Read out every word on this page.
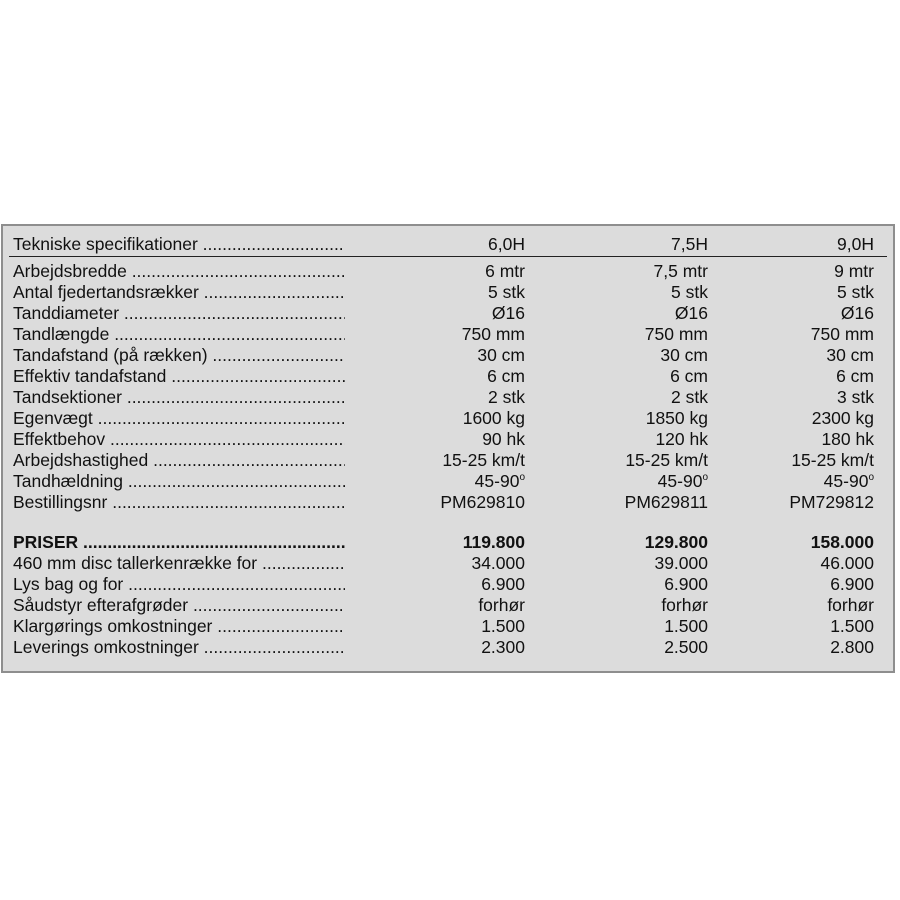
Tekniske specifikationer .....	6,0H	7,5H	9,0H
Arbejdsbredde .....	6 mtr	7,5 mtr	9 mtr
Antal fjedertandsrækker .....	5 stk	5 stk	5 stk
Tanddiameter .....	Ø16	Ø16	Ø16
Tandlængde .....	750 mm	750 mm	750 mm
Tandafstand (på rækken) .....	30 cm	30 cm	30 cm
Effektiv tandafstand .....	6 cm	6 cm	6 cm
Tandsektioner .....	2 stk	2 stk	3 stk
Egenvægt .....	1600 kg	1850 kg	2300 kg
Effektbehov .....	90 hk	120 hk	180 hk
Arbejdshastighed .....	15-25 km/t	15-25 km/t	15-25 km/t
Tandhældning .....	45-90$^o$	45-90$^o$	45-90$^o$
Bestillingsnr .....	PM629810	PM629811	PM729812
PRISER .....	119.800	129.800	158.000
460 mm disc tallerkenrække for .....	34.000	39.000	46.000
Lys bag og for .....	6.900	6.900	6.900
Såudstyr efterafgrøder .....	forhør	forhør	forhør
Klargørings omkostninger .....	1.500	1.500	1.500
Leverings omkostninger .....	2.300	2.500	2.800
